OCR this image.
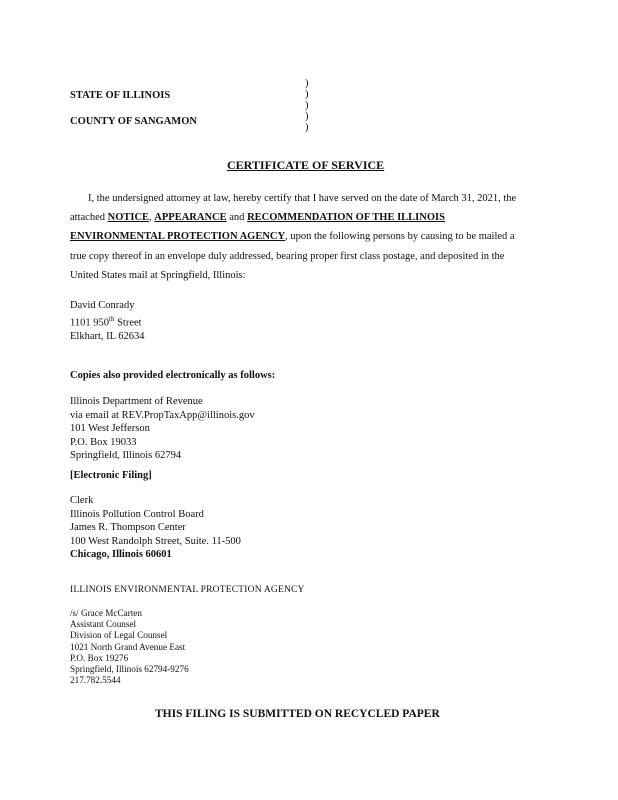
STATE OF ILLINOIS
COUNTY OF SANGAMON
)
)
)
)
)
CERTIFICATE OF SERVICE
I, the undersigned attorney at law, hereby certify that I have served on the date of March 31, 2021, the
attached NOTICE, APPEARANCE and RECOMMENDATION OF THE ILLINOIS
ENVIRONMENTAL PROTECTION AGENCY, upon the following persons by causing to be mailed a
true copy thereof in an envelope duly addressed, bearing proper first class postage, and deposited in the
United States mail at Springfield, Illinois:
David Conrady
1101 950th Street
Elkhart, IL 62634
Copies also provided electronically as follows:
Illinois Department of Revenue
via email at REV.PropTaxApp@illinois.gov
101 West Jefferson
P.O. Box 19033
Springfield, Illinois 62794
[Electronic Filing]
Clerk
Illinois Pollution Control Board
James R. Thompson Center
100 West Randolph Street, Suite. 11-500
Chicago, Illinois 60601
ILLINOIS ENVIRONMENTAL PROTECTION AGENCY
/s/ Grace McCarten
Assistant Counsel
Division of Legal Counsel
1021 North Grand Avenue East
P.O. Box 19276
Springfield, Illinois 62794-9276
217.782.5544
THIS FILING IS SUBMITTED ON RECYCLED PAPER
